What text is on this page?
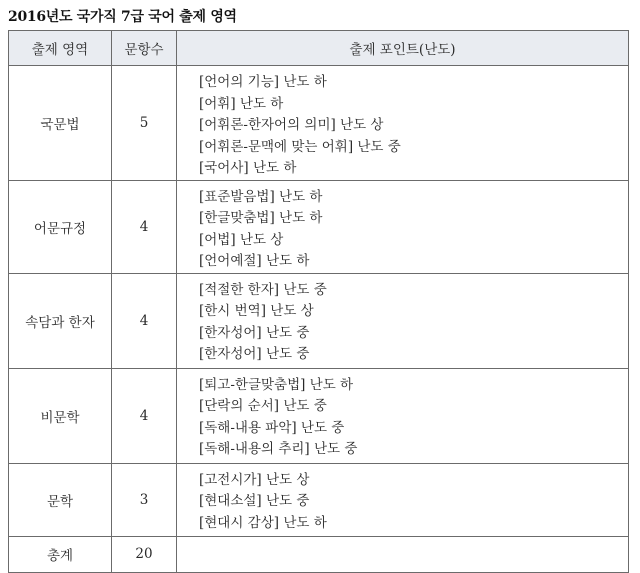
2016년도 국가직 7급 국어 출제 영역
출제 영역	문항수	출제 포인트(난도)
국문법	5	[언어의 기능] 난도 하
[어휘] 난도 하
[어휘론-한자어의 의미] 난도 상
[어휘론-문맥에 맞는 어휘] 난도 중
[국어사] 난도 하

어문규정	4	[표준발음법] 난도 하
[한글맞춤법] 난도 하
[어법] 난도 상
[언어예절] 난도 하

속담과 한자	4	[적절한 한자] 난도 중
[한시 번역] 난도 상
[한자성어] 난도 중
[한자성어] 난도 중

비문학	4	[퇴고-한글맞춤법] 난도 하
[단락의 순서] 난도 중
[독해-내용 파악] 난도 중
[독해-내용의 추리] 난도 중

문학	3	[고전시가] 난도 상
[현대소설] 난도 중
[현대시 감상] 난도 하

총계	20	
